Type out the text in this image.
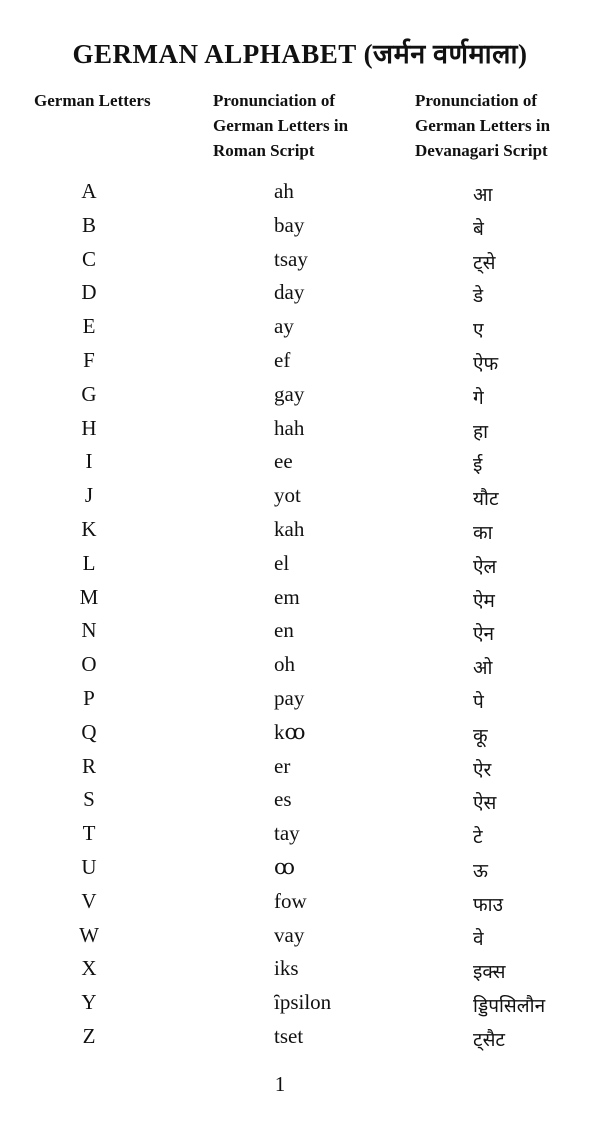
GERMAN ALPHABET (जर्मन वर्णमाला)
German Letters	Pronunciation of
German Letters in
Roman Script
Pronunciation of
German Letters in
Devanagari Script
A	ah	आ
B	bay	बे
C	tsay	ट्से
D	day	डे
E	ay	ए
F	ef	ऐफ
G	gay	गे
H	hah	हा
I	ee	ई
J	yot	यौट
K	kah	का
L	el	ऐल
M	em	ऐम
N	en	ऐन
O	oh	ओ
P	pay	पे
Q	kꝏ	कू
R	er	ऐर
S	es	ऐस
T	tay	टे
U	ꝏ	ऊ
V	fow	फाउ
W	vay	वे
X	iks	इक्स
Y	ȋpsilon	ड्डिपसिलौन
Z	tset	ट्सैट
1
